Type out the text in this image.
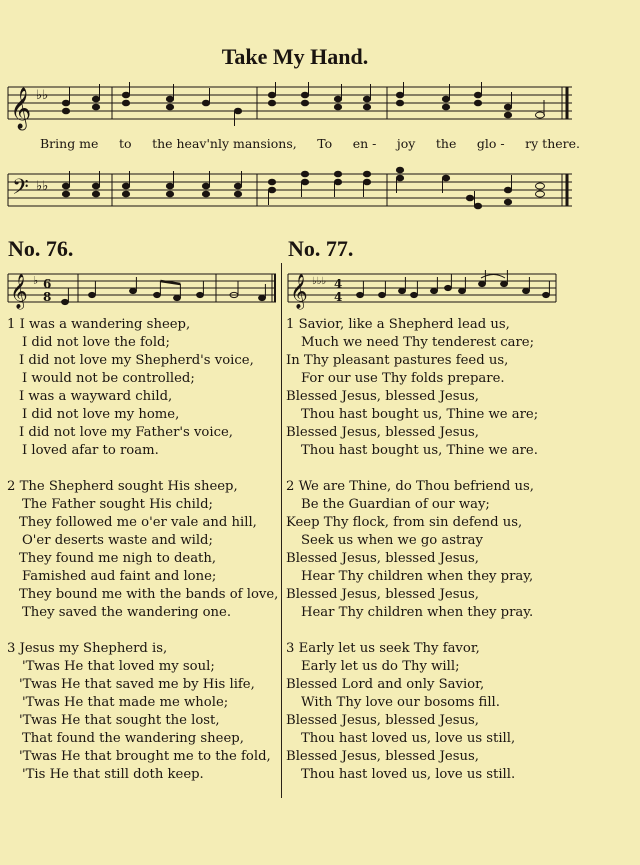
Take My Hand.
𝄞 ♭♭
Bring me to the heav'nly mansions, To en - joy the glo - ry there.
𝄢 ♭♭
No. 76.
𝄞 ♭ 6
8
No. 77.
𝄞 ♭♭♭ 4
4
1 I was a wandering sheep,
I did not love the fold;
I did not love my Shepherd's voice,
I would not be controlled;
I was a wayward child,
I did not love my home,
I did not love my Father's voice,
I loved afar to roam.
2 The Shepherd sought His sheep,
The Father sought His child;
They followed me o'er vale and hill,
O'er deserts waste and wild;
They found me nigh to death,
Famished aud faint and lone;
They bound me with the bands of love,
They saved the wandering one.
3 Jesus my Shepherd is,
'Twas He that loved my soul;
'Twas He that saved me by His life,
'Twas He that made me whole;
'Twas He that sought the lost,
That found the wandering sheep,
'Twas He that brought me to the fold,
'Tis He that still doth keep.
1 Savior, like a Shepherd lead us,
Much we need Thy tenderest care;
In Thy pleasant pastures feed us,
For our use Thy folds prepare.
Blessed Jesus, blessed Jesus,
Thou hast bought us, Thine we are;
Blessed Jesus, blessed Jesus,
Thou hast bought us, Thine we are.
2 We are Thine, do Thou befriend us,
Be the Guardian of our way;
Keep Thy flock, from sin defend us,
Seek us when we go astray
Blessed Jesus, blessed Jesus,
Hear Thy children when they pray,
Blessed Jesus, blessed Jesus,
Hear Thy children when they pray.
3 Early let us seek Thy favor,
Early let us do Thy will;
Blessed Lord and only Savior,
With Thy love our bosoms fill.
Blessed Jesus, blessed Jesus,
Thou hast loved us, love us still,
Blessed Jesus, blessed Jesus,
Thou hast loved us, love us still.
